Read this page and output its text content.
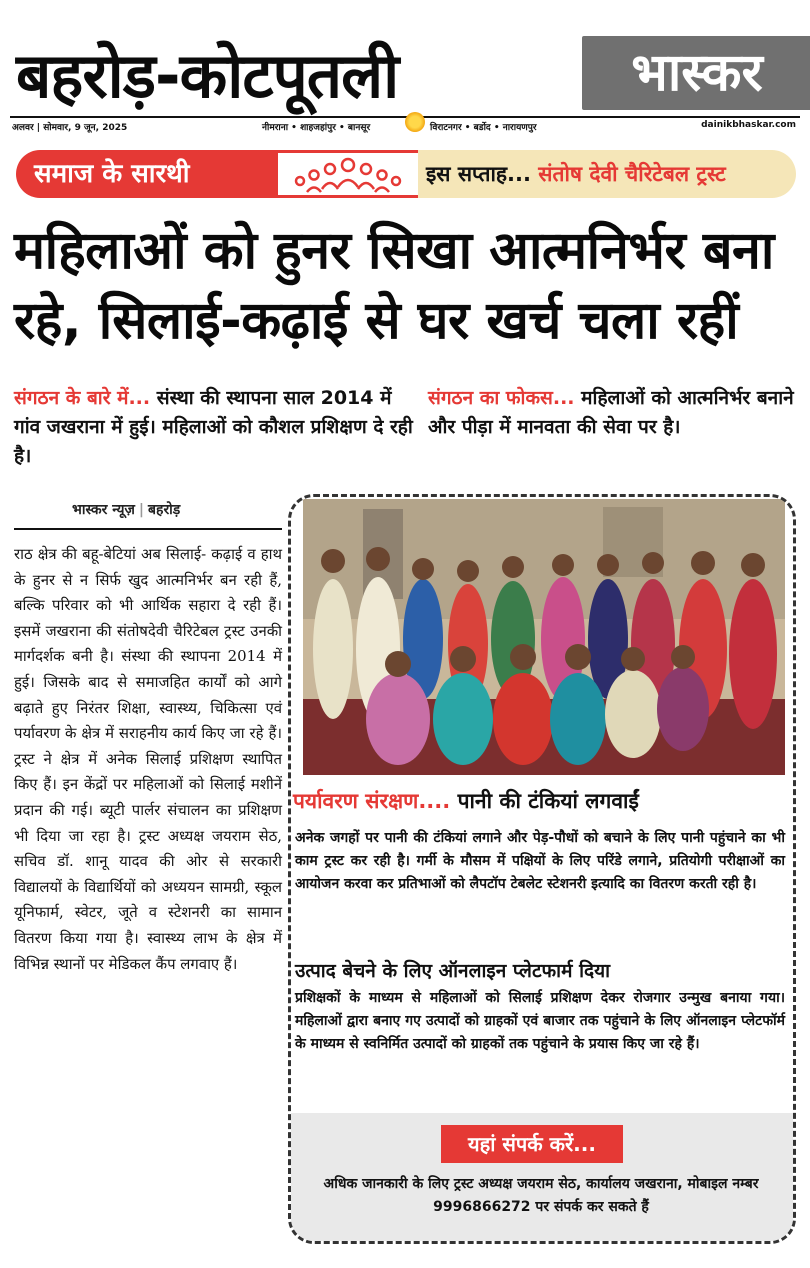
बहरोड़-कोटपूतली	भास्कर
अलवर | सोमवार, 9 जून, 2025	नीमराना • शाहजहांपुर • बानसूर	विराटनगर • बर्डोद • नारायणपुर	dainikbhaskar.com
समाज के सारथी	इस सप्ताह... संतोष देवी चैरिटेबल ट्रस्ट
महिलाओं को हुनर सिखा आत्मनिर्भर बना रहे, सिलाई-कढ़ाई से घर खर्च चला रहीं
संगठन के बारे में... संस्था की स्थापना साल 2014 में गांव जखराना में हुई। महिलाओं को कौशल प्रशिक्षण दे रही है।
संगठन का फोकस... महिलाओं को आत्मनिर्भर बनाने और पीड़ा में मानवता की सेवा पर है।
भास्कर न्यूज़ | बहरोड़
राठ क्षेत्र की बहू-बेटियां अब सिलाई- कढ़ाई व हाथ के हुनर से न सिर्फ खुद आत्मनिर्भर बन रही हैं, बल्कि परिवार को भी आर्थिक सहारा दे रही हैं। इसमें जखराना की संतोषदेवी चैरिटेबल ट्रस्ट उनकी मार्गदर्शक बनी है। संस्था की स्थापना 2014 में हुई। जिसके बाद से समाजहित कार्यों को आगे बढ़ाते हुए निरंतर शिक्षा, स्वास्थ्य, चिकित्सा एवं पर्यावरण के क्षेत्र में सराहनीय कार्य किए जा रहे हैं। ट्रस्ट ने क्षेत्र में अनेक सिलाई प्रशिक्षण स्थापित किए हैं। इन केंद्रों पर महिलाओं को सिलाई मशीनें प्रदान की गई। ब्यूटी पार्लर संचालन का प्रशिक्षण भी दिया जा रहा है। ट्रस्ट अध्यक्ष जयराम सेठ, सचिव डॉ. शानू यादव की ओर से सरकारी विद्यालयों के विद्यार्थियों को अध्ययन सामग्री, स्कूल यूनिफार्म, स्वेटर, जूते व स्टेशनरी का सामान वितरण किया गया है। स्वास्थ्य लाभ के क्षेत्र में विभिन्न स्थानों पर मेडिकल कैंप लगवाए हैं।
पर्यावरण संरक्षण.... पानी की टंकियां लगवाईं

अनेक जगहों पर पानी की टंकियां लगाने और पेड़-पौधों को बचाने के लिए पानी पहुंचाने का भी काम ट्रस्ट कर रही है। गर्मी के मौसम में पक्षियों के लिए परिंडे लगाने, प्रतियोगी परीक्षाओं का आयोजन करवा कर प्रतिभाओं को लैपटॉप टेबलेट स्टेशनरी इत्यादि का वितरण करती रही है।

उत्पाद बेचने के लिए ऑनलाइन प्लेटफार्म दिया

प्रशिक्षकों के माध्यम से महिलाओं को सिलाई प्रशिक्षण देकर रोजगार उन्मुख बनाया गया। महिलाओं द्वारा बनाए गए उत्पादों को ग्राहकों एवं बाजार तक पहुंचाने के लिए ऑनलाइन प्लेटफॉर्म के माध्यम से स्वनिर्मित उत्पादों को ग्राहकों तक पहुंचाने के प्रयास किए जा रहे हैं।

यहां संपर्क करें...

अधिक जानकारी के लिए ट्रस्ट अध्यक्ष जयराम सेठ, कार्यालय जखराना, मोबाइल नम्बर 9996866272 पर संपर्क कर सकते हैं
